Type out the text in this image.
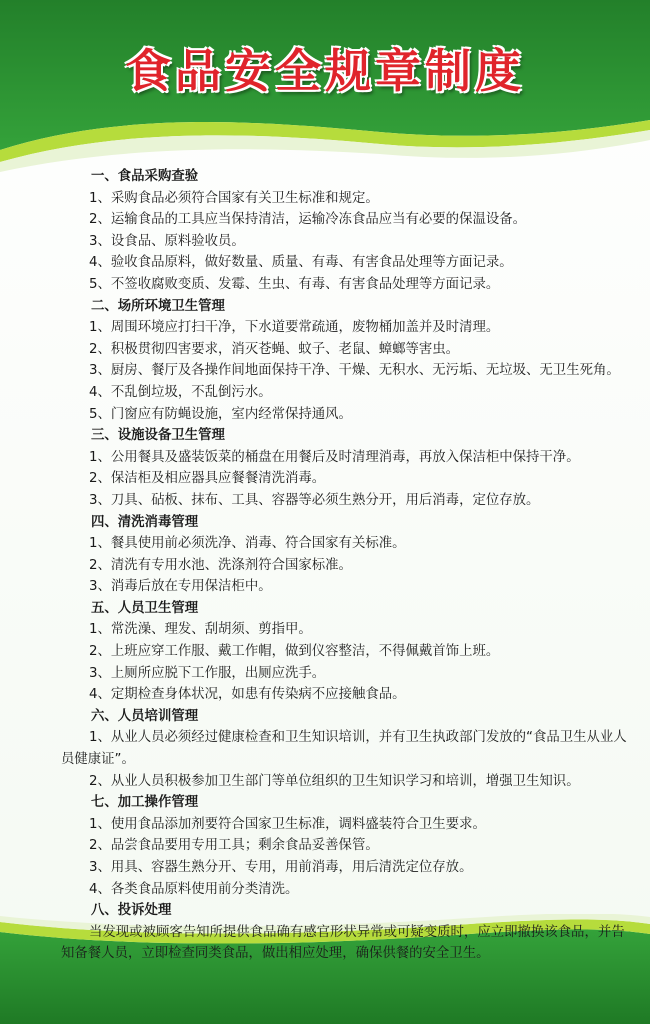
食品安全规章制度

一、食品采购查验

1、采购食品必须符合国家有关卫生标准和规定。

2、运输食品的工具应当保持清洁，运输冷冻食品应当有必要的保温设备。

3、设食品、原料验收员。

4、验收食品原料，做好数量、质量、有毒、有害食品处理等方面记录。

5、不签收腐败变质、发霉、生虫、有毒、有害食品处理等方面记录。

二、场所环境卫生管理

1、周围环境应打扫干净，下水道要常疏通，废物桶加盖并及时清理。

2、积极贯彻四害要求，消灭苍蝇、蚊子、老鼠、蟑螂等害虫。

3、厨房、餐厅及各操作间地面保持干净、干燥、无积水、无污垢、无垃圾、无卫生死角。

4、不乱倒垃圾，不乱倒污水。

5、门窗应有防蝇设施，室内经常保持通风。

三、设施设备卫生管理

1、公用餐具及盛装饭菜的桶盘在用餐后及时清理消毒，再放入保洁柜中保持干净。

2、保洁柜及相应器具应餐餐清洗消毒。

3、刀具、砧板、抹布、工具、容器等必须生熟分开，用后消毒，定位存放。

四、清洗消毒管理

1、餐具使用前必须洗净、消毒、符合国家有关标准。

2、清洗有专用水池、洗涤剂符合国家标准。

3、消毒后放在专用保洁柜中。

五、人员卫生管理

1、常洗澡、理发、刮胡须、剪指甲。

2、上班应穿工作服、戴工作帽，做到仪容整洁，不得佩戴首饰上班。

3、上厕所应脱下工作服，出厕应洗手。

4、定期检查身体状况，如患有传染病不应接触食品。

六、人员培训管理

1、从业人员必须经过健康检查和卫生知识培训，并有卫生执政部门发放的“食品卫生从业人员健康证”。

2、从业人员积极参加卫生部门等单位组织的卫生知识学习和培训，增强卫生知识。

七、加工操作管理

1、使用食品添加剂要符合国家卫生标准，调料盛装符合卫生要求。

2、品尝食品要用专用工具；剩余食品妥善保管。

3、用具、容器生熟分开、专用，用前消毒，用后清洗定位存放。

4、各类食品原料使用前分类清洗。

八、投诉处理

当发现或被顾客告知所提供食品确有感官形状异常或可疑变质时，应立即撤换该食品，并告知备餐人员，立即检查同类食品，做出相应处理，确保供餐的安全卫生。
